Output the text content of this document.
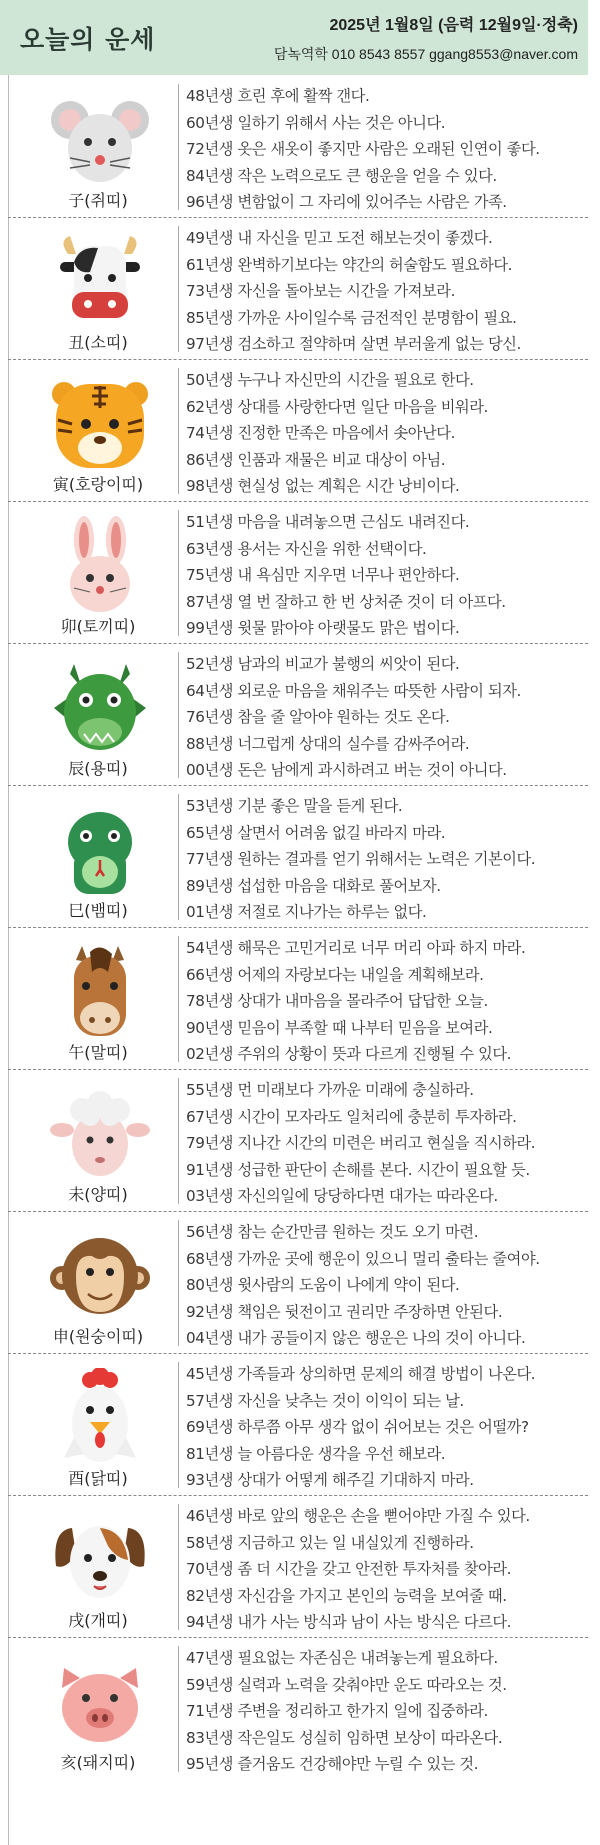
오늘의 운세	2025년 1월8일 (음력 12월9일·정축)
담녹역학 010 8543 8557 ggang8553@naver.com
子(쥐띠)
48년생 흐린 후에 활짝 갠다.
60년생 일하기 위해서 사는 것은 아니다.
72년생 옷은 새옷이 좋지만 사람은 오래된 인연이 좋다.
84년생 작은 노력으로도 큰 행운을 얻을 수 있다.
96년생 변함없이 그 자리에 있어주는 사람은 가족.
丑(소띠)
49년생 내 자신을 믿고 도전 해보는것이 좋겠다.
61년생 완벽하기보다는 약간의 허술함도 필요하다.
73년생 자신을 돌아보는 시간을 가져보라.
85년생 가까운 사이일수록 금전적인 분명함이 필요.
97년생 검소하고 절약하며 살면 부러울게 없는 당신.
寅(호랑이띠)
50년생 누구나 자신만의 시간을 필요로 한다.
62년생 상대를 사랑한다면 일단 마음을 비워라.
74년생 진정한 만족은 마음에서 솟아난다.
86년생 인품과 재물은 비교 대상이 아님.
98년생 현실성 없는 계획은 시간 낭비이다.
卯(토끼띠)
51년생 마음을 내려놓으면 근심도 내려진다.
63년생 용서는 자신을 위한 선택이다.
75년생 내 욕심만 지우면 너무나 편안하다.
87년생 열 번 잘하고 한 번 상처준 것이 더 아프다.
99년생 윗물 맑아야 아랫물도 맑은 법이다.
辰(용띠)
52년생 남과의 비교가 불행의 씨앗이 된다.
64년생 외로운 마음을 채워주는 따뜻한 사람이 되자.
76년생 참을 줄 알아야 원하는 것도 온다.
88년생 너그럽게 상대의 실수를 감싸주어라.
00년생 돈은 남에게 과시하려고 버는 것이 아니다.
巳(뱀띠)
53년생 기분 좋은 말을 듣게 된다.
65년생 살면서 어려움 없길 바라지 마라.
77년생 원하는 결과를 얻기 위해서는 노력은 기본이다.
89년생 섭섭한 마음을 대화로 풀어보자.
01년생 저절로 지나가는 하루는 없다.
午(말띠)
54년생 해묵은 고민거리로 너무 머리 아파 하지 마라.
66년생 어제의 자랑보다는 내일을 계획해보라.
78년생 상대가 내마음을 몰라주어 답답한 오늘.
90년생 믿음이 부족할 때 나부터 믿음을 보여라.
02년생 주위의 상황이 뜻과 다르게 진행될 수 있다.
未(양띠)
55년생 먼 미래보다 가까운 미래에 충실하라.
67년생 시간이 모자라도 일처리에 충분히 투자하라.
79년생 지나간 시간의 미련은 버리고 현실을 직시하라.
91년생 성급한 판단이 손해를 본다. 시간이 필요할 듯.
03년생 자신의일에 당당하다면 대가는 따라온다.
申(원숭이띠)
56년생 참는 순간만큼 원하는 것도 오기 마련.
68년생 가까운 곳에 행운이 있으니 멀리 출타는 줄여야.
80년생 윗사람의 도움이 나에게 약이 된다.
92년생 책임은 뒷전이고 권리만 주장하면 안된다.
04년생 내가 공들이지 않은 행운은 나의 것이 아니다.
酉(닭띠)
45년생 가족들과 상의하면 문제의 해결 방법이 나온다.
57년생 자신을 낮추는 것이 이익이 되는 날.
69년생 하루쯤 아무 생각 없이 쉬어보는 것은 어떨까?
81년생 늘 아름다운 생각을 우선 해보라.
93년생 상대가 어떻게 해주길 기대하지 마라.
戌(개띠)
46년생 바로 앞의 행운은 손을 뻗어야만 가질 수 있다.
58년생 지금하고 있는 일 내실있게 진행하라.
70년생 좀 더 시간을 갖고 안전한 투자처를 찾아라.
82년생 자신감을 가지고 본인의 능력을 보여줄 때.
94년생 내가 사는 방식과 남이 사는 방식은 다르다.
亥(돼지띠)
47년생 필요없는 자존심은 내려놓는게 필요하다.
59년생 실력과 노력을 갖춰야만 운도 따라오는 것.
71년생 주변을 정리하고 한가지 일에 집중하라.
83년생 작은일도 성실히 임하면 보상이 따라온다.
95년생 즐거움도 건강해야만 누릴 수 있는 것.
